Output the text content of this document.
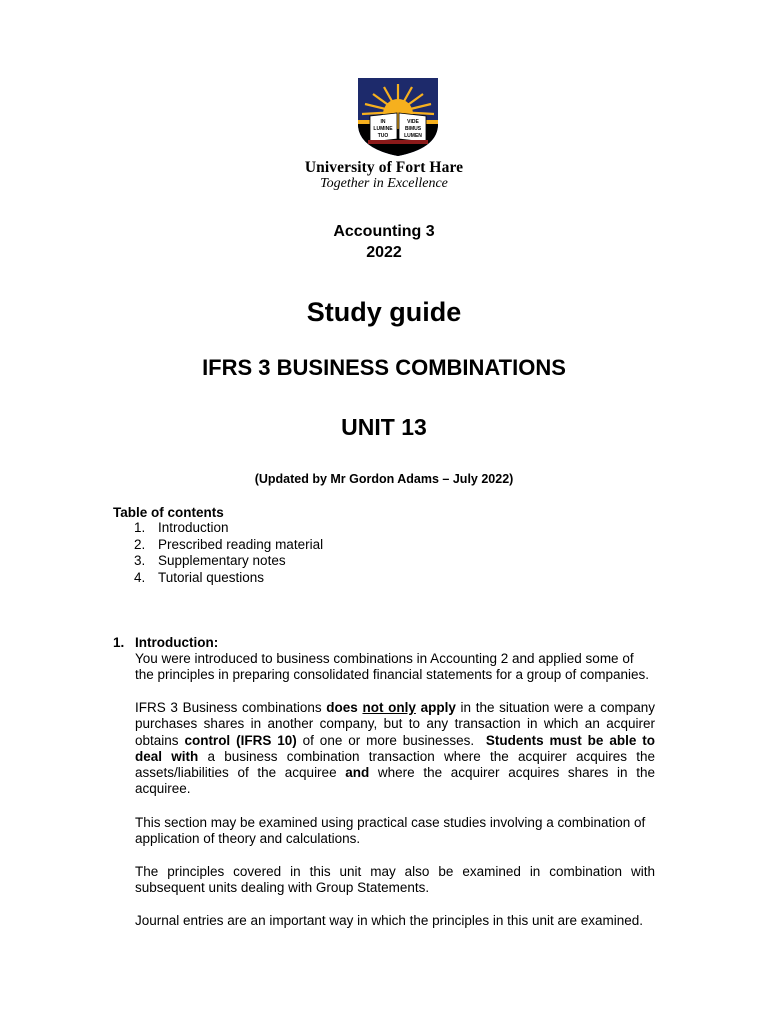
IN
LUMINE
TUO
VIDE
BIMUS
LUMEN
University of Fort Hare
Together in Excellence
Accounting 3
2022
Study guide
IFRS 3 BUSINESS COMBINATIONS
UNIT 13
(Updated by Mr Gordon Adams – July 2022)
Table of contents
1. Introduction
2. Prescribed reading material
3. Supplementary notes
4. Tutorial questions
1. Introduction:
You were introduced to business combinations in Accounting 2 and applied some of the principles in preparing consolidated financial statements for a group of companies.
IFRS 3 Business combinations does not only apply in the situation were a company purchases shares in another company, but to any transaction in which an acquirer obtains control (IFRS 10) of one or more businesses.  Students must be able to deal with a business combination transaction where the acquirer acquires the assets/liabilities of the acquiree and where the acquirer acquires shares in the acquiree.
This section may be examined using practical case studies involving a combination of application of theory and calculations.
The principles covered in this unit may also be examined in combination with subsequent units dealing with Group Statements.
Journal entries are an important way in which the principles in this unit are examined.
